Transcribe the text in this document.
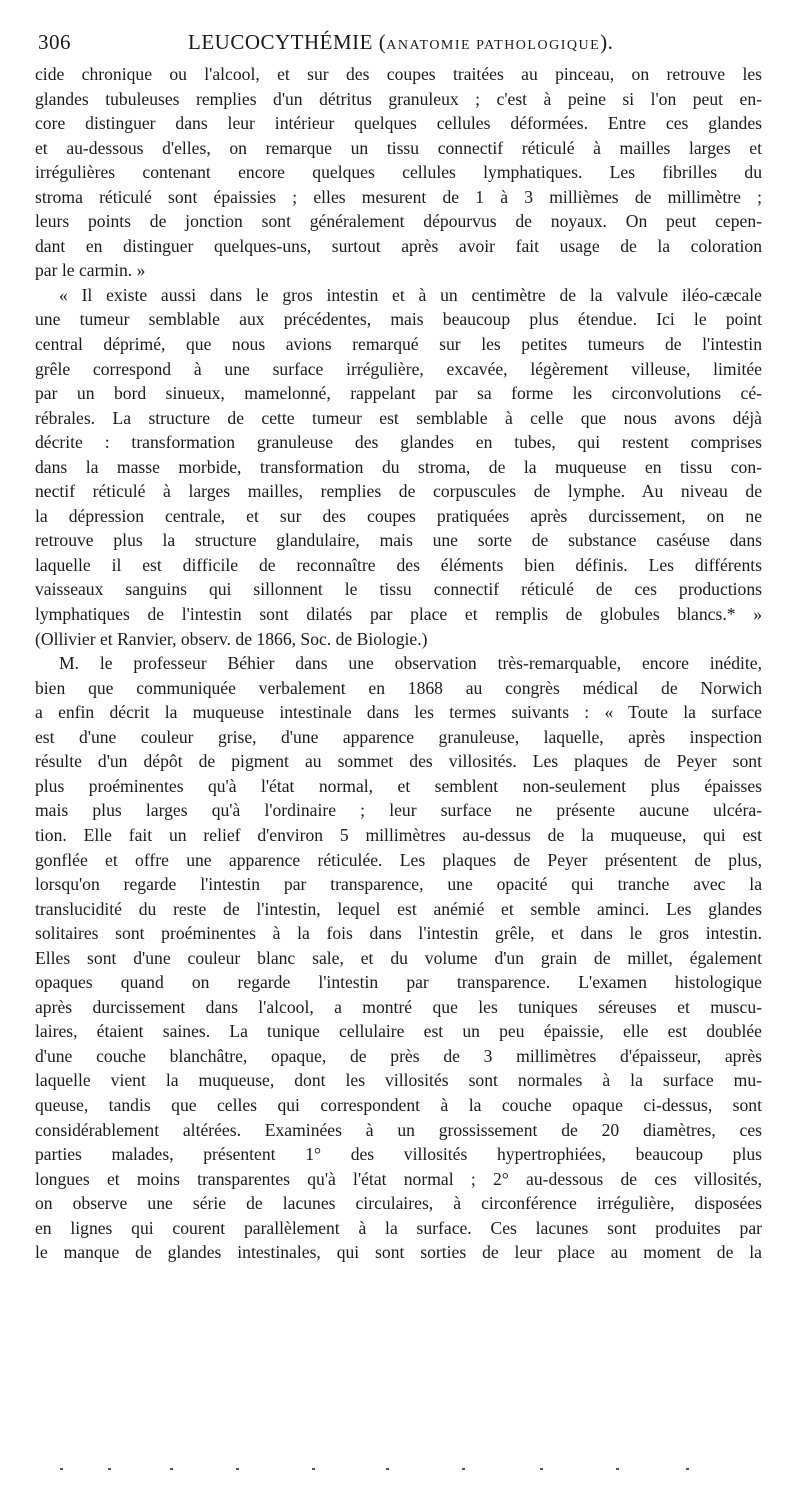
306	LEUCOCYTHÉMIE (ANATOMIE PATHOLOGIQUE).
cide chronique ou l'alcool, et sur des coupes traitées au pinceau, on retrouve les
glandes tubuleuses remplies d'un détritus granuleux ; c'est à peine si l'on peut en-
core distinguer dans leur intérieur quelques cellules déformées. Entre ces glandes
et au-dessous d'elles, on remarque un tissu connectif réticulé à mailles larges et
irrégulières contenant encore quelques cellules lymphatiques. Les fibrilles du
stroma réticulé sont épaissies ; elles mesurent de 1 à 3 millièmes de millimètre ;
leurs points de jonction sont généralement dépourvus de noyaux. On peut cepen-
dant en distinguer quelques-uns, surtout après avoir fait usage de la coloration
par le carmin. »
« Il existe aussi dans le gros intestin et à un centimètre de la valvule iléo-cæcale
une tumeur semblable aux précédentes, mais beaucoup plus étendue. Ici le point
central déprimé, que nous avions remarqué sur les petites tumeurs de l'intestin
grêle correspond à une surface irrégulière, excavée, légèrement villeuse, limitée
par un bord sinueux, mamelonné, rappelant par sa forme les circonvolutions cé-
rébrales. La structure de cette tumeur est semblable à celle que nous avons déjà
décrite : transformation granuleuse des glandes en tubes, qui restent comprises
dans la masse morbide, transformation du stroma, de la muqueuse en tissu con-
nectif réticulé à larges mailles, remplies de corpuscules de lymphe. Au niveau de
la dépression centrale, et sur des coupes pratiquées après durcissement, on ne
retrouve plus la structure glandulaire, mais une sorte de substance caséuse dans
laquelle il est difficile de reconnaître des éléments bien définis. Les différents
vaisseaux sanguins qui sillonnent le tissu connectif réticulé de ces productions
lymphatiques de l'intestin sont dilatés par place et remplis de globules blancs.* »
(Ollivier et Ranvier, observ. de 1866, Soc. de Biologie.)
M. le professeur Béhier dans une observation très-remarquable, encore inédite,
bien que communiquée verbalement en 1868 au congrès médical de Norwich
a enfin décrit la muqueuse intestinale dans les termes suivants : « Toute la surface
est d'une couleur grise, d'une apparence granuleuse, laquelle, après inspection
résulte d'un dépôt de pigment au sommet des villosités. Les plaques de Peyer sont
plus proéminentes qu'à l'état normal, et semblent non-seulement plus épaisses
mais plus larges qu'à l'ordinaire ; leur surface ne présente aucune ulcéra-
tion. Elle fait un relief d'environ 5 millimètres au-dessus de la muqueuse, qui est
gonflée et offre une apparence réticulée. Les plaques de Peyer présentent de plus,
lorsqu'on regarde l'intestin par transparence, une opacité qui tranche avec la
translucidité du reste de l'intestin, lequel est anémié et semble aminci. Les glandes
solitaires sont proéminentes à la fois dans l'intestin grêle, et dans le gros intestin.
Elles sont d'une couleur blanc sale, et du volume d'un grain de millet, également
opaques quand on regarde l'intestin par transparence. L'examen histologique
après durcissement dans l'alcool, a montré que les tuniques séreuses et muscu-
laires, étaient saines. La tunique cellulaire est un peu épaissie, elle est doublée
d'une couche blanchâtre, opaque, de près de 3 millimètres d'épaisseur, après
laquelle vient la muqueuse, dont les villosités sont normales à la surface mu-
queuse, tandis que celles qui correspondent à la couche opaque ci-dessus, sont
considérablement altérées. Examinées à un grossissement de 20 diamètres, ces
parties malades, présentent 1° des villosités hypertrophiées, beaucoup plus
longues et moins transparentes qu'à l'état normal ; 2° au-dessous de ces villosités,
on observe une série de lacunes circulaires, à circonférence irrégulière, disposées
en lignes qui courent parallèlement à la surface. Ces lacunes sont produites par
le manque de glandes intestinales, qui sont sorties de leur place au moment de la
